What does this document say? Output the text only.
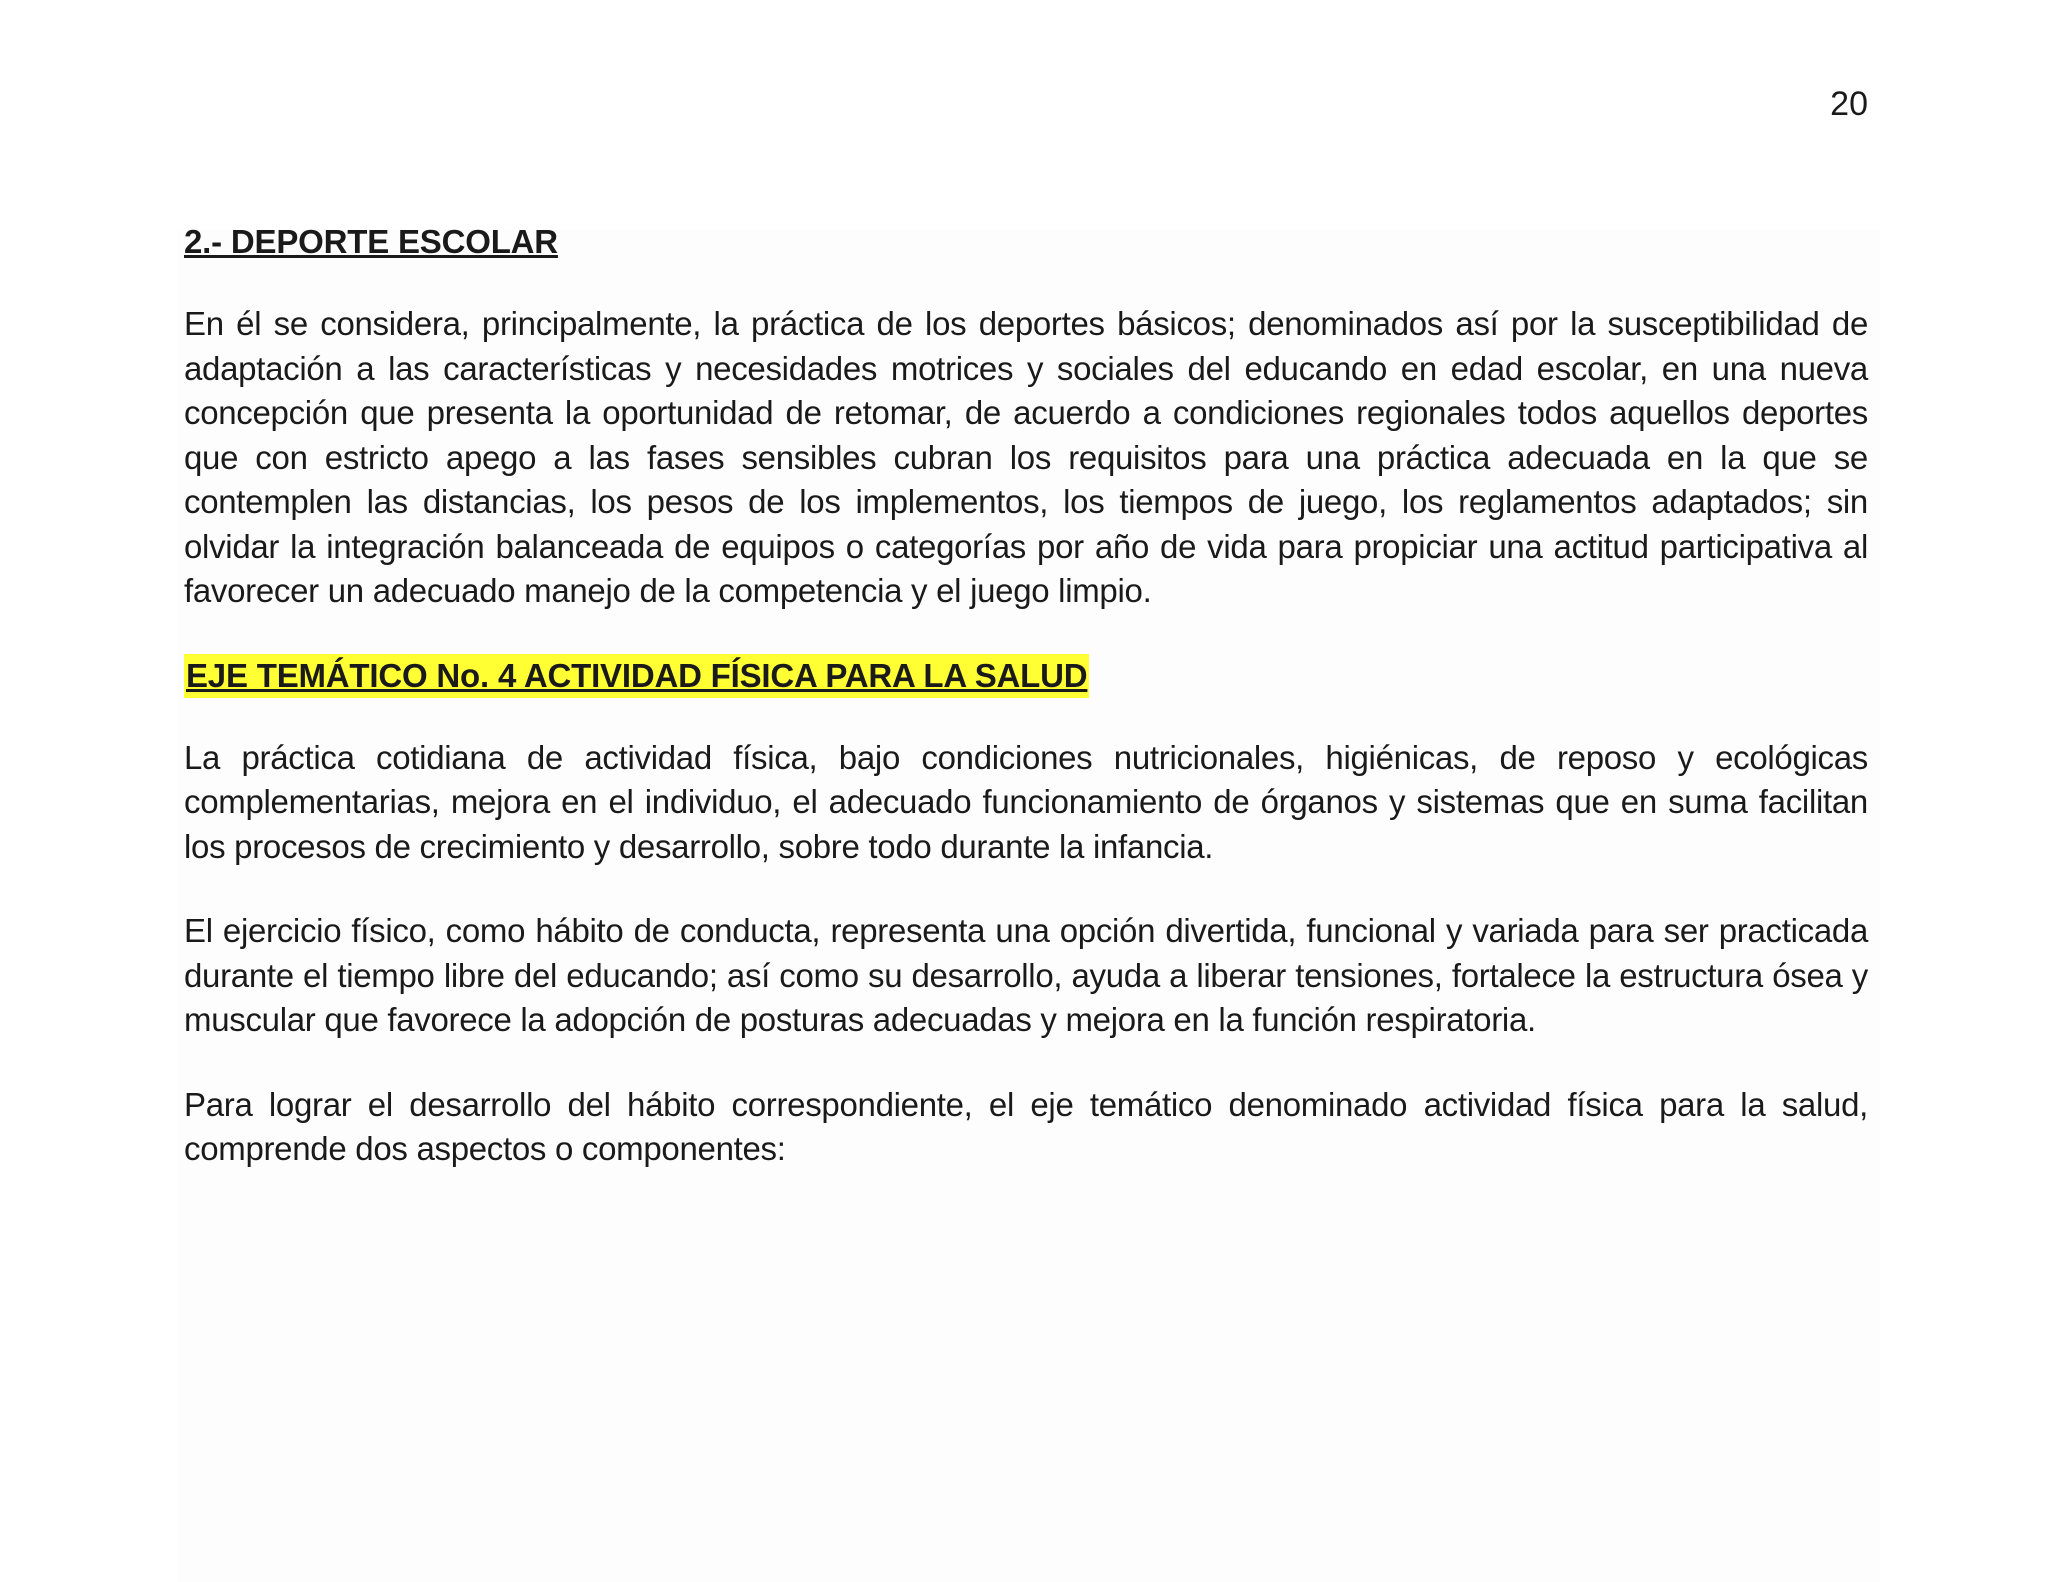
20
2.- DEPORTE ESCOLAR

En él se considera, principalmente, la práctica de los deportes básicos; denominados así por la susceptibilidad de adaptación a las características y necesidades motrices y sociales del educando en edad escolar, en una nueva concepción que presenta la oportunidad de retomar, de acuerdo a condiciones regionales todos aquellos deportes que con estricto apego a las fases sensibles cubran los requisitos para una práctica adecuada en la que se contemplen las distancias, los pesos de los implementos, los tiempos de juego, los reglamentos adaptados; sin olvidar la integración balanceada de equipos o categorías por año de vida para propiciar una actitud participativa al favorecer un adecuado manejo de la competencia y el juego limpio.

EJE TEMÁTICO No. 4 ACTIVIDAD FÍSICA PARA LA SALUD

La práctica cotidiana de actividad física, bajo condiciones nutricionales, higiénicas, de reposo y ecológicas complementarias, mejora en el individuo, el adecuado funcionamiento de órganos y sistemas que en suma facilitan los procesos de crecimiento y desarrollo, sobre todo durante la infancia.

El ejercicio físico, como hábito de conducta, representa una opción divertida, funcional y variada para ser practicada durante el tiempo libre del educando; así como su desarrollo, ayuda a liberar tensiones, fortalece la estructura ósea y muscular que favorece la adopción de posturas adecuadas y mejora en la función respiratoria.

Para lograr el desarrollo del hábito correspondiente, el eje temático denominado actividad física para la salud, comprende dos aspectos o componentes:
